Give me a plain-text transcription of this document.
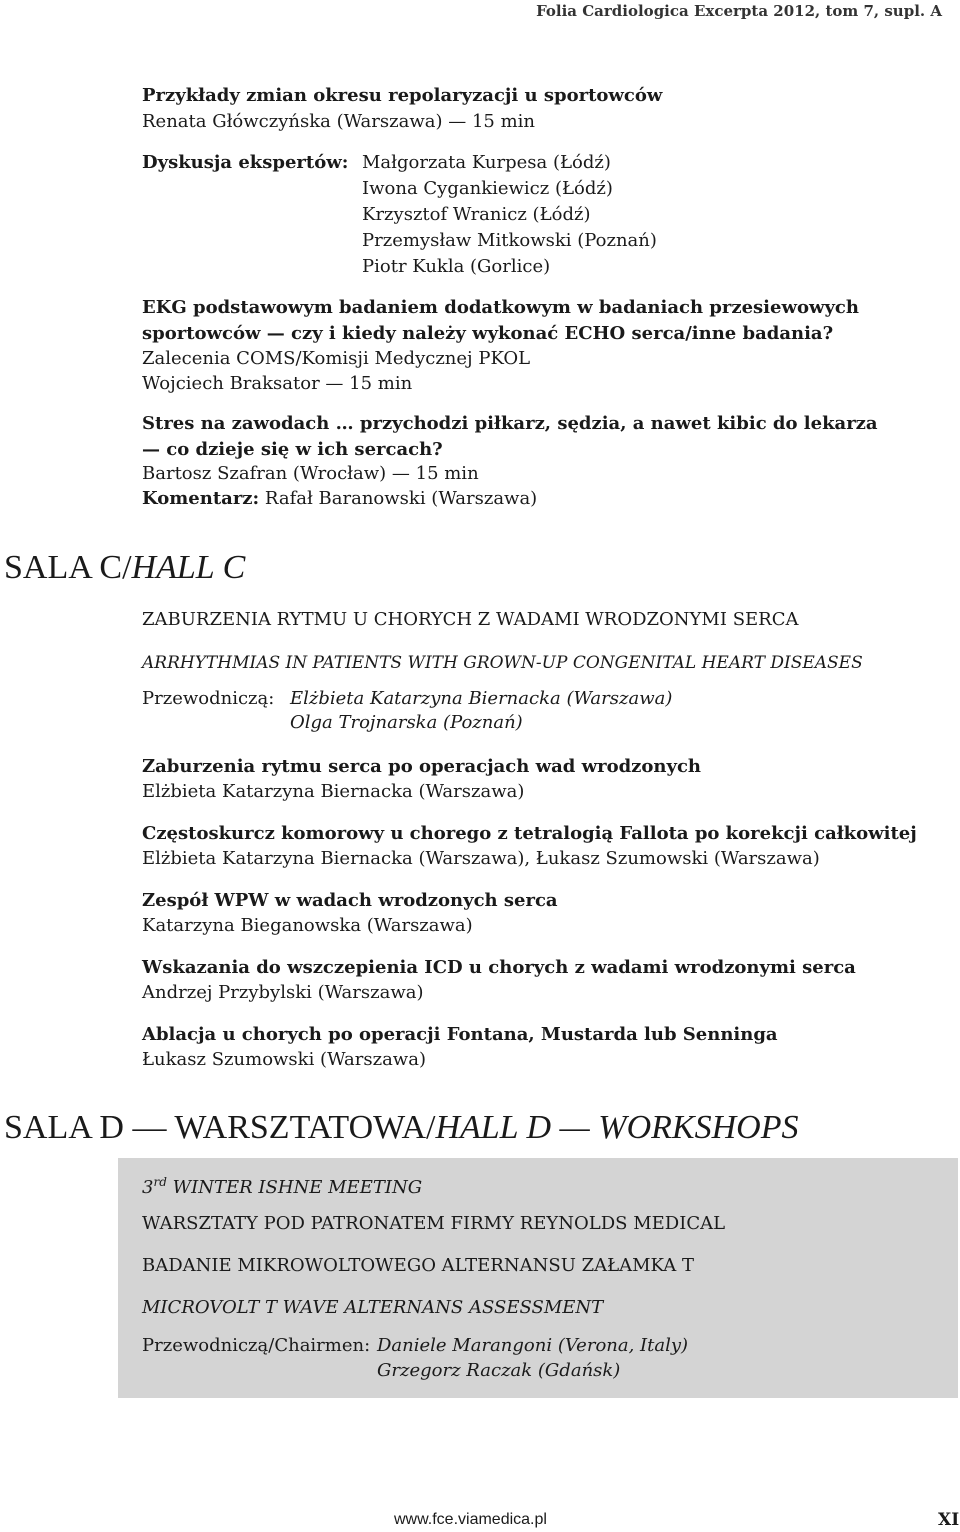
Folia Cardiologica Excerpta 2012, tom 7, supl. A
Przykłady zmian okresu repolaryzacji u sportowców
Renata Główczyńska (Warszawa) — 15 min
Dyskusja ekspertów: Małgorzata Kurpesa (Łódź)
Iwona Cygankiewicz (Łódź)
Krzysztof Wranicz (Łódź)
Przemysław Mitkowski (Poznań)
Piotr Kukla (Gorlice)
EKG podstawowym badaniem dodatkowym w badaniach przesiewowych
sportowców — czy i kiedy należy wykonać ECHO serca/inne badania?
Zalecenia COMS/Komisji Medycznej PKOL
Wojciech Braksator — 15 min
Stres na zawodach … przychodzi piłkarz, sędzia, a nawet kibic do lekarza
— co dzieje się w ich sercach?
Bartosz Szafran (Wrocław) — 15 min
Komentarz: Rafał Baranowski (Warszawa)
SALA C/HALL C
ZABURZENIA RYTMU U CHORYCH Z WADAMI WRODZONYMI SERCA
ARRHYTHMIAS IN PATIENTS WITH GROWN-UP CONGENITAL HEART DISEASES
Przewodniczą: Elżbieta Katarzyna Biernacka (Warszawa)
Olga Trojnarska (Poznań)
Zaburzenia rytmu serca po operacjach wad wrodzonych
Elżbieta Katarzyna Biernacka (Warszawa)
Częstoskurcz komorowy u chorego z tetralogią Fallota po korekcji całkowitej
Elżbieta Katarzyna Biernacka (Warszawa), Łukasz Szumowski (Warszawa)
Zespół WPW w wadach wrodzonych serca
Katarzyna Bieganowska (Warszawa)
Wskazania do wszczepienia ICD u chorych z wadami wrodzonymi serca
Andrzej Przybylski (Warszawa)
Ablacja u chorych po operacji Fontana, Mustarda lub Senninga
Łukasz Szumowski (Warszawa)
SALA D — WARSZTATOWA/HALL D — WORKSHOPS
3rd WINTER ISHNE MEETING
WARSZTATY POD PATRONATEM FIRMY REYNOLDS MEDICAL
BADANIE MIKROWOLTOWEGO ALTERNANSU ZAŁAMKA T
MICROVOLT T WAVE ALTERNANS ASSESSMENT
Przewodniczą/Chairmen: Daniele Marangoni (Verona, Italy)
Grzegorz Raczak (Gdańsk)
www.fce.viamedica.pl	XI
